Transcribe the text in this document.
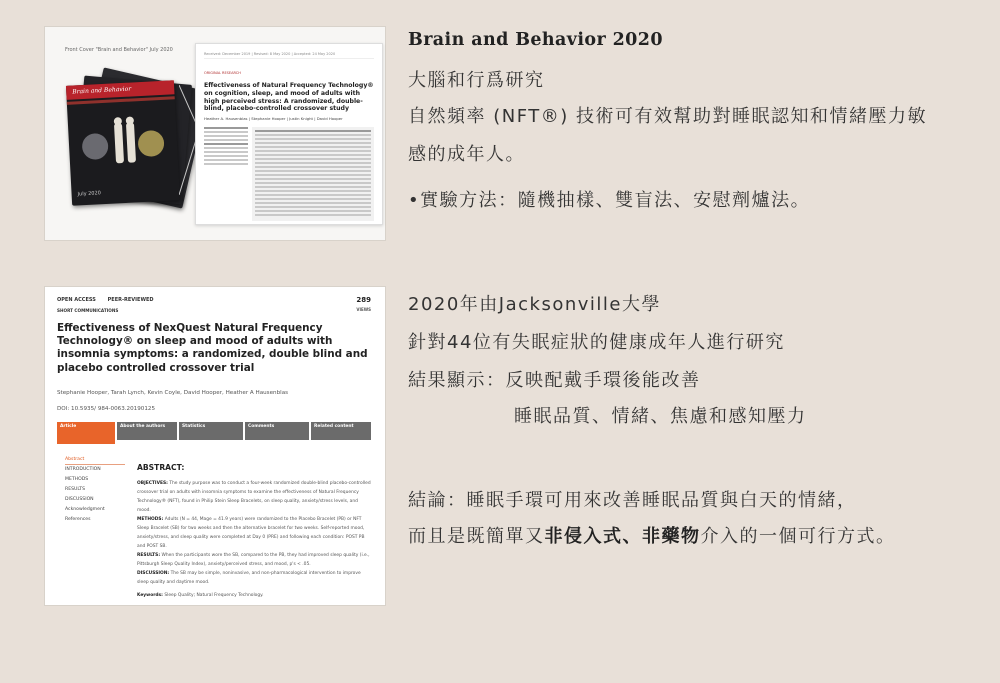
Front Cover "Brain and Behavior" July 2020
Brain and Behavior
July 2020
Received: December 2019 | Revised: 8 May 2020 | Accepted: 24 May 2020
ORIGINAL RESEARCH
Effectiveness of Natural Frequency Technology® on cognition, sleep, and mood of adults with high perceived stress: A randomized, double-blind, placebo-controlled crossover study
Heather A. Hausenblas | Stephanie Hooper | Justin Knight | David Hooper
OPEN ACCESS PEER-REVIEWED	289
VIEWS
SHORT COMMUNICATIONS
Effectiveness of NexQuest Natural Frequency Technology® on sleep and mood of adults with insomnia symptoms: a randomized, double blind and placebo controlled crossover trial
Stephanie Hooper, Tarah Lynch, Kevin Coyle, David Hooper, Heather A Hausenblas
DOI: 10.5935/ 984-0063.20190125
Article	About the authors	Statistics	Comments	Related content
Abstract
INTRODUCTION
METHODS
RESULTS
DISCUSSION
Acknowledgment
References
ABSTRACT:
OBJECTIVES: The study purpose was to conduct a four-week randomized double-blind placebo-controlled crossover trial on adults with insomnia symptoms to examine the effectiveness of Natural Frequency Technology® (NFT), found in Philip Stein Sleep Bracelets, on sleep quality, anxiety/stress levels, and mood.
METHODS: Adults (N = 44, Mage = 41.9 years) were randomized to the Placebo Bracelet (PB) or NFT Sleep Bracelet (SB) for two weeks and then the alternative bracelet for two weeks. Self-reported mood, anxiety/stress, and sleep quality were completed at Day 0 (PRE) and following each condition: POST PB and POST SB.
RESULTS: When the participants wore the SB, compared to the PB, they had improved sleep quality (i.e., Pittsburgh Sleep Quality Index), anxiety/perceived stress, and mood, p's < .05.
DISCUSSION: The SB may be simple, noninvasive, and non-pharmacological intervention to improve sleep quality and daytime mood.
Keywords: Sleep Quality; Natural Frequency Technology.
Brain and Behavior 2020
大腦和行爲研究
自然頻率 (NFT®) 技術可有效幫助對睡眠認知和情緒壓力敏
感的成年人。
•實驗方法：隨機抽樣、雙盲法、安慰劑爐法。
2020年由Jacksonville大學
針對44位有失眠症狀的健康成年人進行研究
結果顯示：反映配戴手環後能改善
睡眠品質、情緒、焦慮和感知壓力
結論：睡眠手環可用來改善睡眠品質與白天的情緒，
而且是既簡單又非侵入式、非藥物介入的一個可行方式。
